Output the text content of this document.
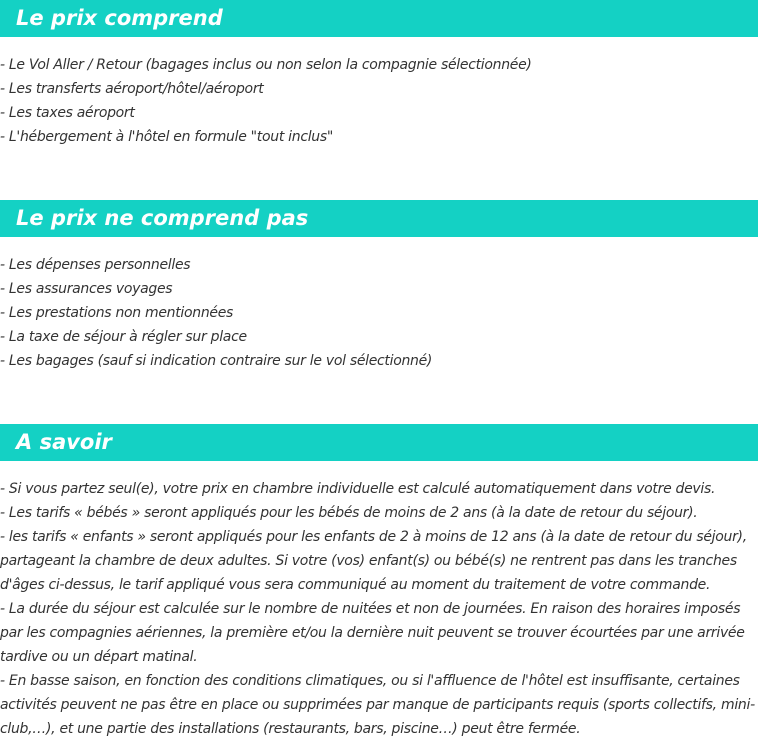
Le prix comprend
- Le Vol Aller / Retour (bagages inclus ou non selon la compagnie sélectionnée)
- Les transferts aéroport/hôtel/aéroport
- Les taxes aéroport
- L'hébergement à l'hôtel en formule "tout inclus"
Le prix ne comprend pas
- Les dépenses personnelles
- Les assurances voyages
- Les prestations non mentionnées
- La taxe de séjour à régler sur place
- Les bagages (sauf si indication contraire sur le vol sélectionné)
A savoir
- Si vous partez seul(e), votre prix en chambre individuelle est calculé automatiquement dans votre devis.
- Les tarifs « bébés » seront appliqués pour les bébés de moins de 2 ans (à la date de retour du séjour).
- les tarifs « enfants » seront appliqués pour les enfants de 2 à moins de 12 ans (à la date de retour du séjour), partageant la chambre de deux adultes. Si votre (vos) enfant(s) ou bébé(s) ne rentrent pas dans les tranches d'âges ci-dessus, le tarif appliqué vous sera communiqué au moment du traitement de votre commande.
- La durée du séjour est calculée sur le nombre de nuitées et non de journées. En raison des horaires imposés par les compagnies aériennes, la première et/ou la dernière nuit peuvent se trouver écourtées par une arrivée tardive ou un départ matinal.
- En basse saison, en fonction des conditions climatiques, ou si l'affluence de l'hôtel est insuffisante, certaines activités peuvent ne pas être en place ou supprimées par manque de participants requis (sports collectifs, mini-club,…), et une partie des installations (restaurants, bars, piscine…) peut être fermée.
